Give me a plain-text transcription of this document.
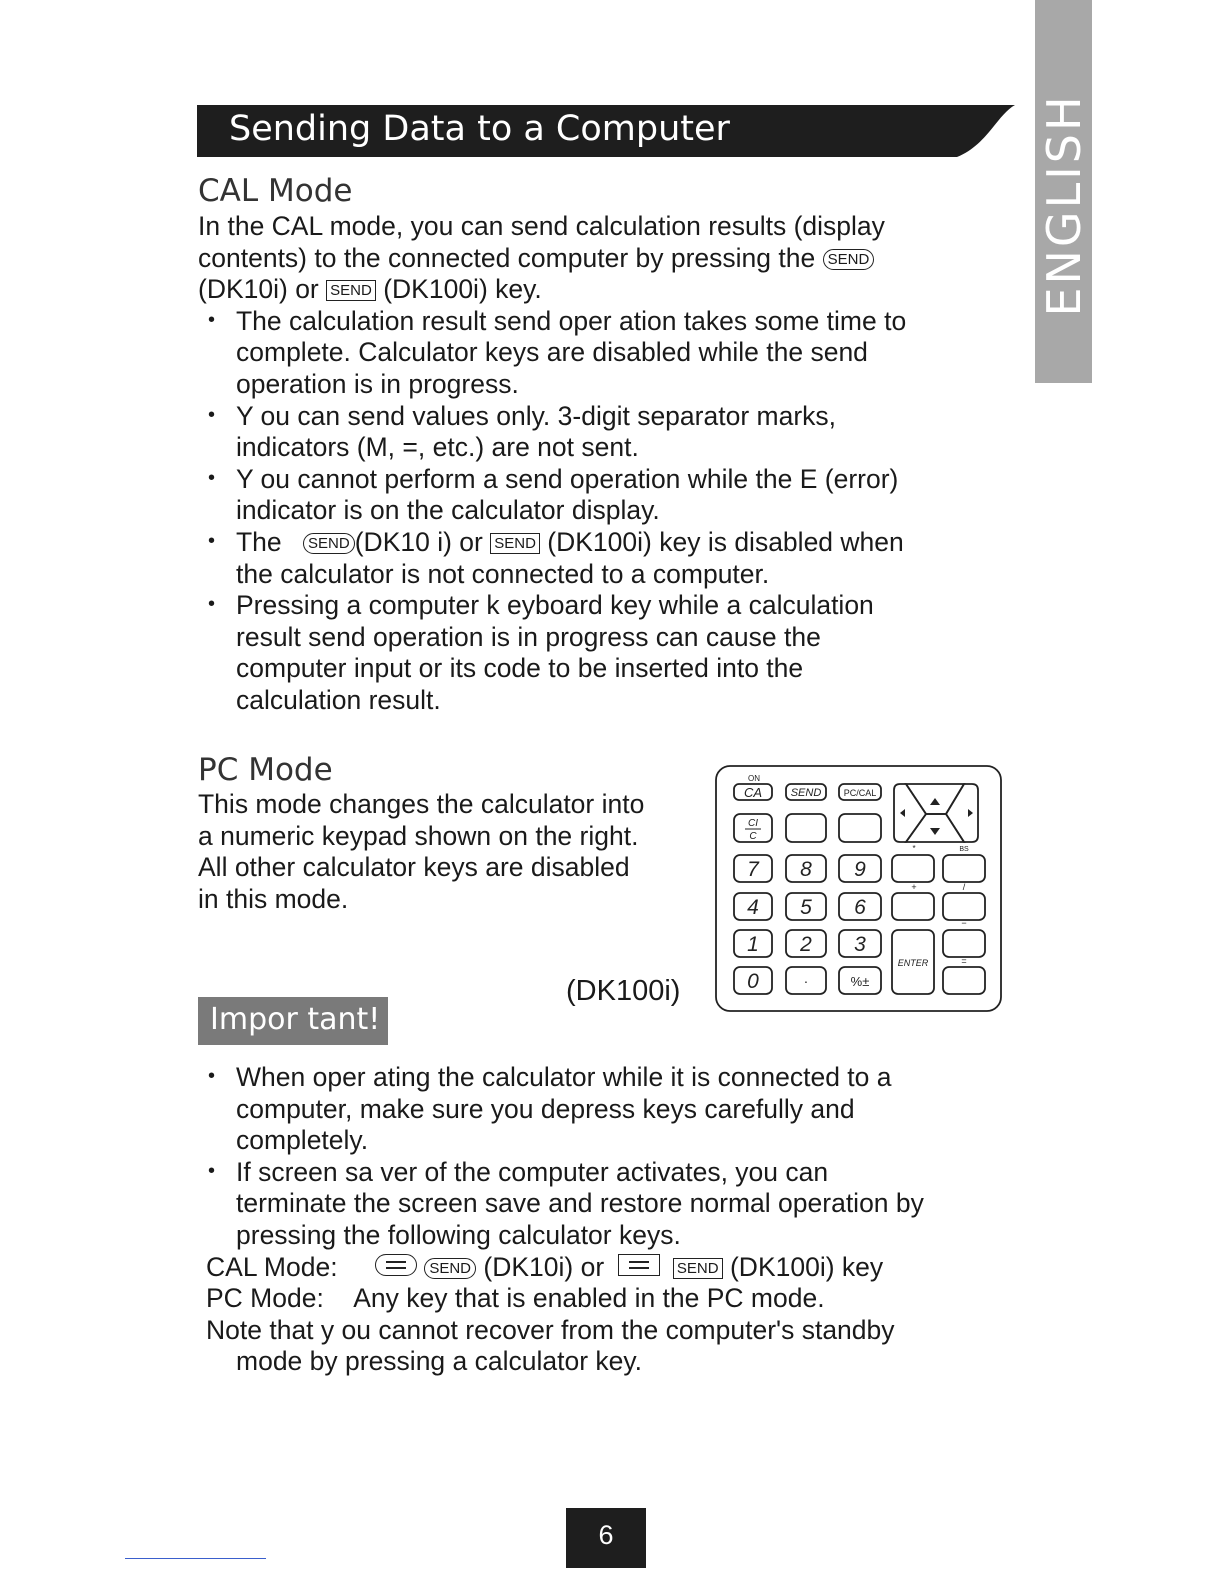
ENGLISH
Sending Data to a Computer
CAL Mode
In the CAL mode, you can send calculation results (display
contents) to the connected computer by pressing the SEND
(DK10i) or SEND (DK100i) key.
• The calculation result send oper ation takes some time to
complete. Calculator keys are disabled while the send
operation is in progress.
• Y ou can send values only. 3-digit separator marks,
indicators (M, =, etc.) are not sent.
• Y ou cannot perform a send operation while the E (error)
indicator is on the calculator display.
• The SEND (DK10 i) or SEND (DK100i) key is disabled when
the calculator is not connected to a computer.
• Pressing a computer k eyboard key while a calculation
result send operation is in progress can cause the
computer input or its code to be inserted into the
calculation result.
PC Mode
This mode changes the calculator into
a numeric keypad shown on the right.
All other calculator keys are disabled
in this mode.
ON
CA	SEND PC/CAL
CI
C
*	BS
+	/
−
=
7 8 9
4 5 6
1 2 3
0	·	%±
ENTER
(DK100i)
Impor tant!
• When oper ating the calculator while it is connected to a
computer, make sure you depress keys carefully and
completely.
• If screen sa ver of the computer activates, you can
terminate the screen save and restore normal operation by
pressing the following calculator keys.
CAL Mode:	SEND (DK10i) or	SEND (DK100i) key
PC Mode: Any key that is enabled in the PC mode.
Note that y ou cannot recover from the computer's standby
mode by pressing a calculator key.
6
